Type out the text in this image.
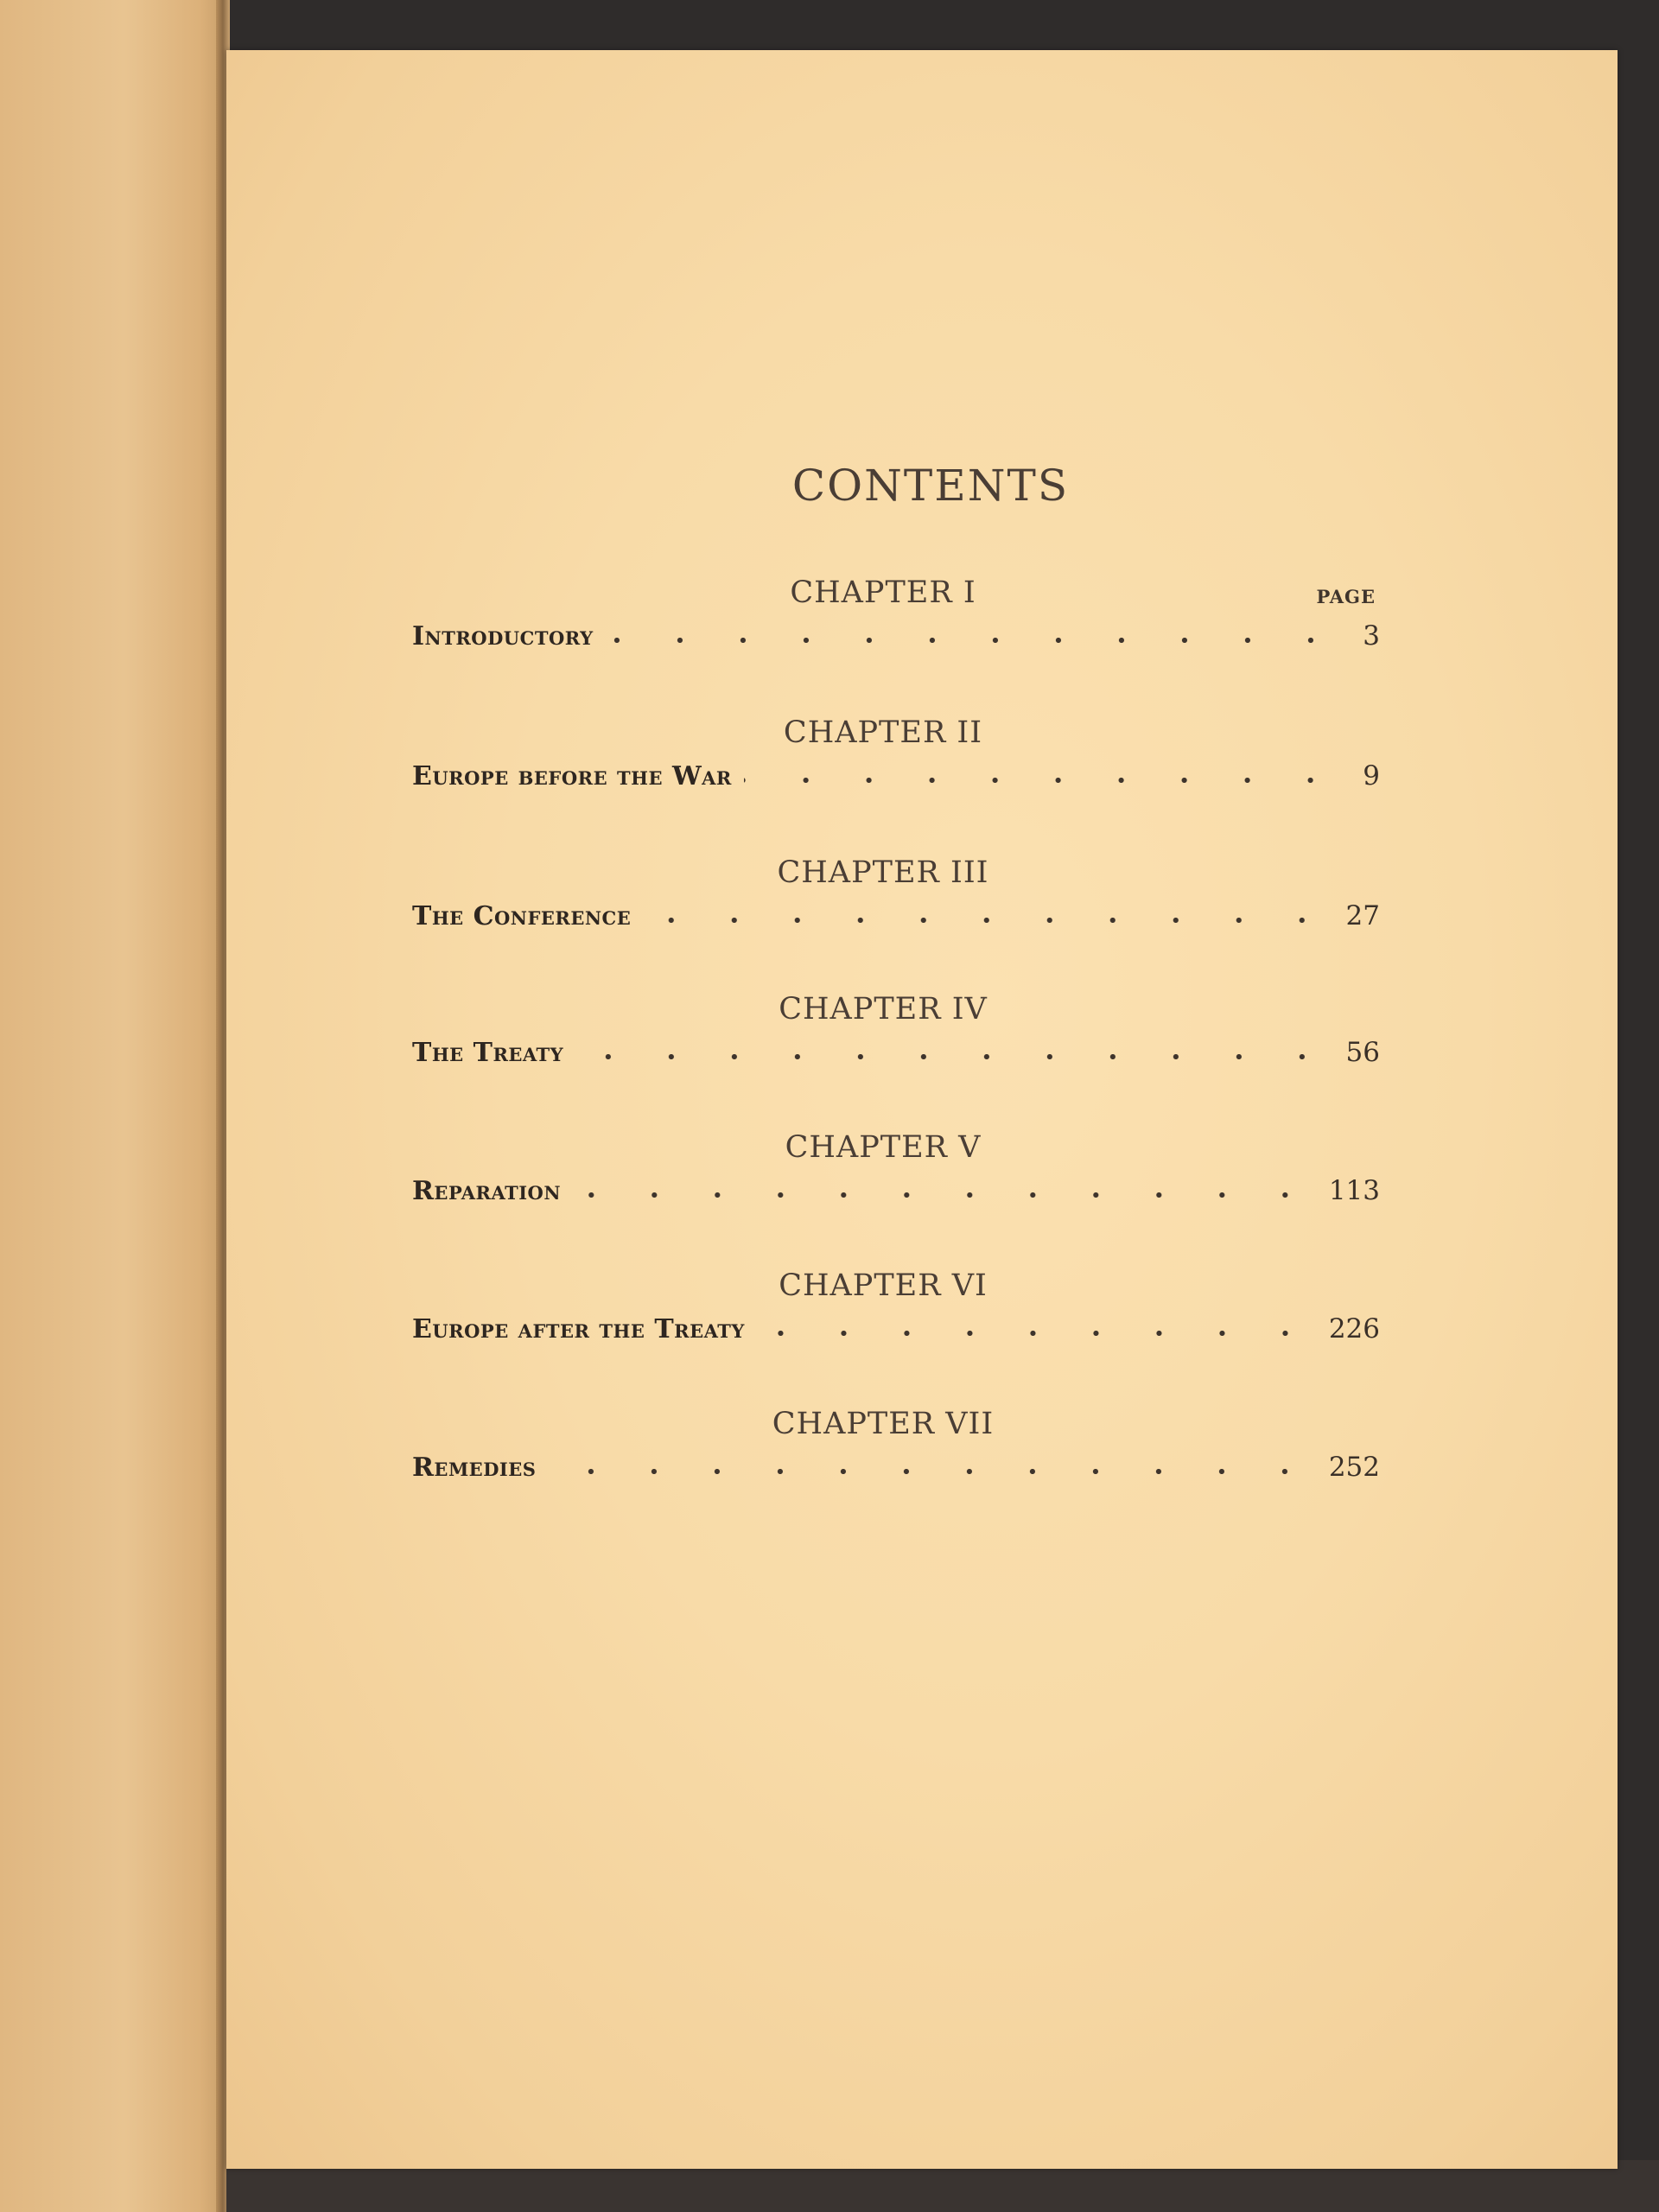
CONTENTS
PAGE
CHAPTER I
Introductory	3
CHAPTER II
Europe before the War	9
CHAPTER III
The Conference	27
CHAPTER IV
The Treaty	56
CHAPTER V
Reparation	113
CHAPTER VI
Europe after the Treaty	226
CHAPTER VII
Remedies	252
